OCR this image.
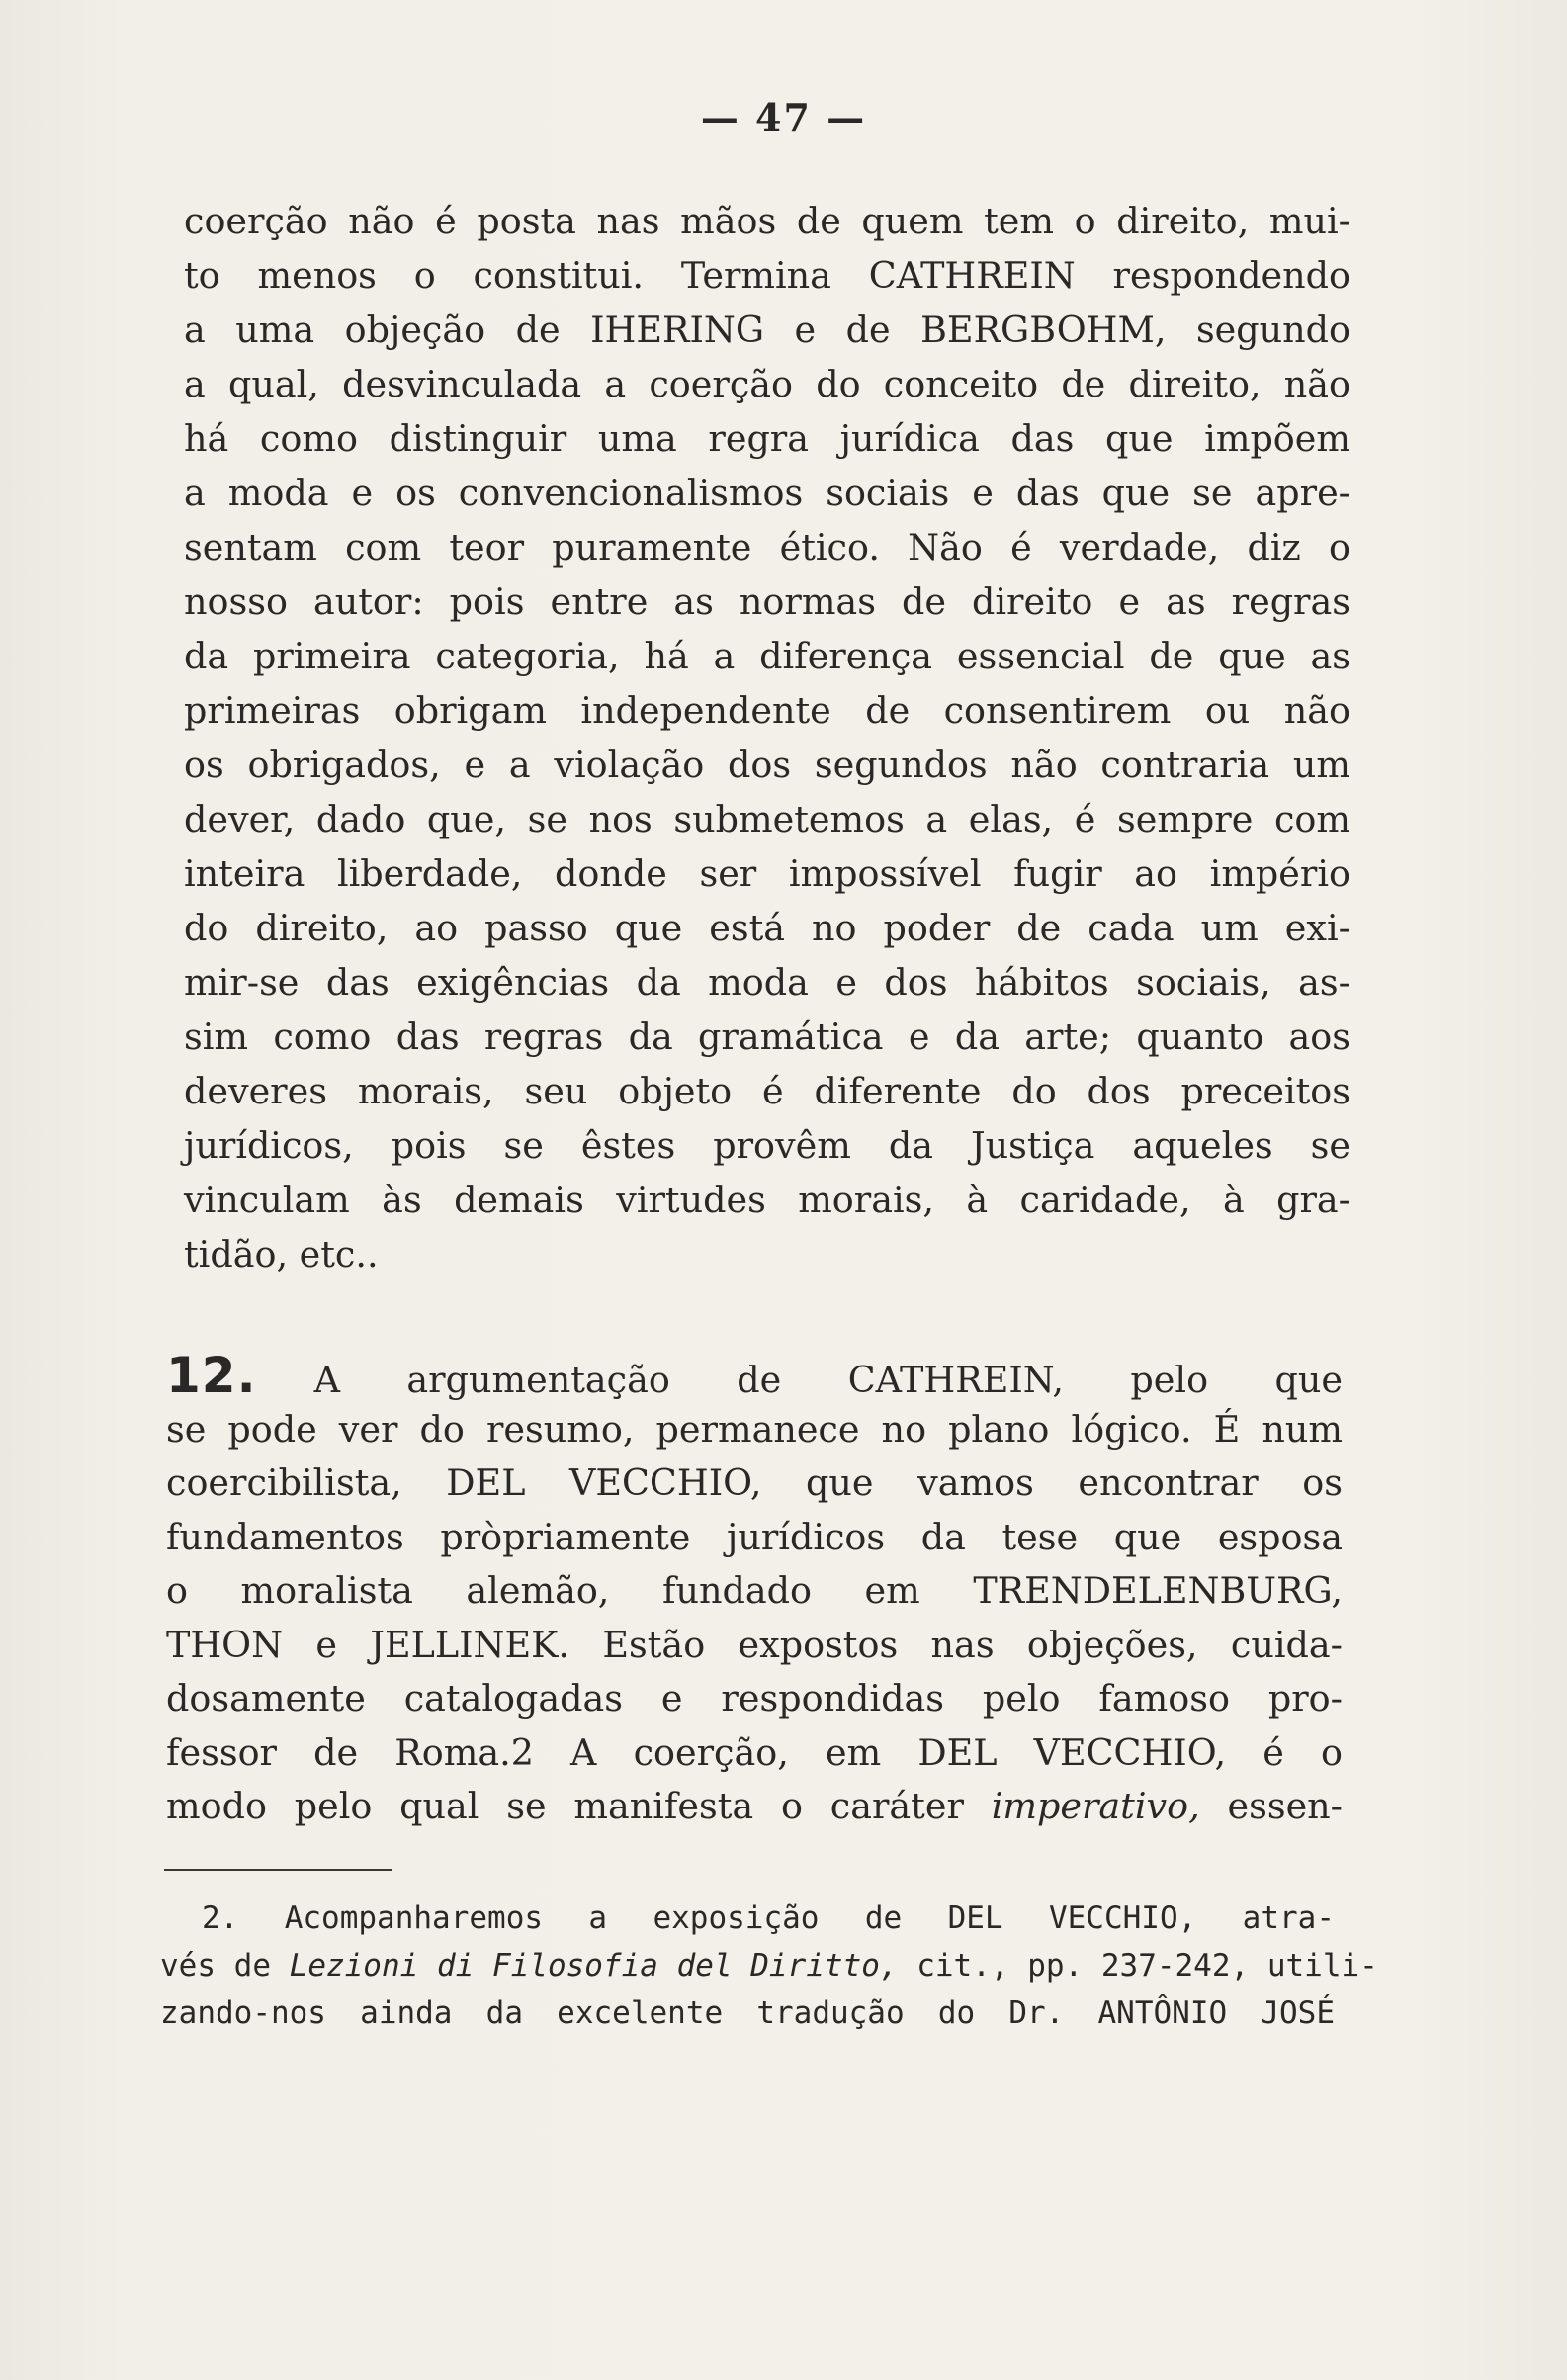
— 47 —
coerção não é posta nas mãos de quem tem o direito, mui-
to menos o constitui. Termina CATHREIN respondendo
a uma objeção de IHERING e de BERGBOHM, segundo
a qual, desvinculada a coerção do conceito de direito, não
há como distinguir uma regra jurídica das que impõem
a moda e os convencionalismos sociais e das que se apre-
sentam com teor puramente ético. Não é verdade, diz o
nosso autor: pois entre as normas de direito e as regras
da primeira categoria, há a diferença essencial de que as
primeiras obrigam independente de consentirem ou não
os obrigados, e a violação dos segundos não contraria um
dever, dado que, se nos submetemos a elas, é sempre com
inteira liberdade, donde ser impossível fugir ao império
do direito, ao passo que está no poder de cada um exi-
mir-se das exigências da moda e dos hábitos sociais, as-
sim como das regras da gramática e da arte; quanto aos
deveres morais, seu objeto é diferente do dos preceitos
jurídicos, pois se êstes provêm da Justiça aqueles se
vinculam às demais virtudes morais, à caridade, à gra-
tidão, etc..
12. A argumentação de CATHREIN, pelo que
se pode ver do resumo, permanece no plano lógico. É num
coercibilista, DEL VECCHIO, que vamos encontrar os
fundamentos pròpriamente jurídicos da tese que esposa
o moralista alemão, fundado em TRENDELENBURG,
THON e JELLINEK. Estão expostos nas objeções, cuida-
dosamente catalogadas e respondidas pelo famoso pro-
fessor de Roma.2 A coerção, em DEL VECCHIO, é o
modo pelo qual se manifesta o caráter imperativo, essen-
2. Acompanharemos a exposição de DEL VECCHIO, atra-
vés de Lezioni di Filosofia del Diritto, cit., pp. 237-242, utili-
zando-nos ainda da excelente tradução do Dr. ANTÔNIO JOSÉ
